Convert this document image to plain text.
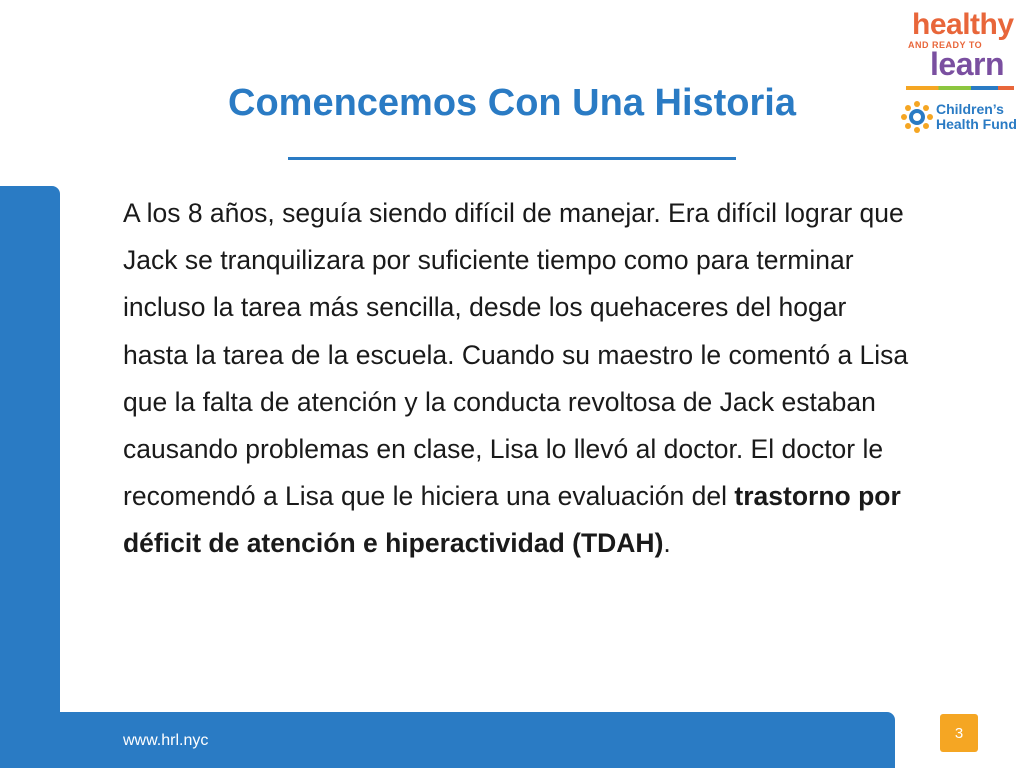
www.hrl.nyc
Comencemos Con Una Historia

A los 8 años, seguía siendo difícil de manejar. Era difícil lograr que Jack se tranquilizara por suficiente tiempo como para terminar incluso la tarea más sencilla, desde los quehaceres del hogar hasta la tarea de la escuela. Cuando su maestro le comentó a Lisa que la falta de atención y la conducta revoltosa de Jack estaban causando problemas en clase, Lisa lo llevó al doctor. El doctor le recomendó a Lisa que le hiciera una evaluación del trastorno por déficit de atención e hiperactividad (TDAH).

3
healthy
AND READY TO
learn
Children’s
Health Fund
